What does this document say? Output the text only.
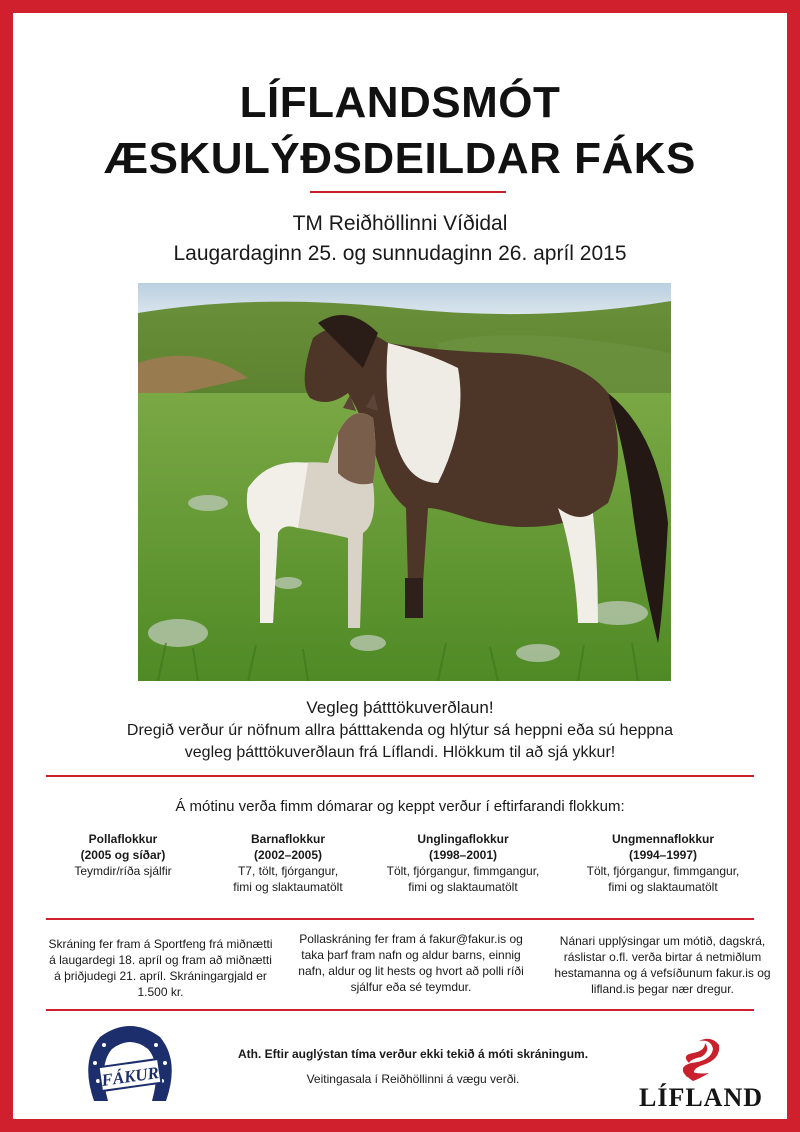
LÍFLANDSMÓT
ÆSKULÝÐSDEILDAR FÁKS
TM Reiðhöllinni Víðidal
Laugardaginn 25. og sunnudaginn 26. apríl 2015
Vegleg þátttökuverðlaun!
Dregið verður úr nöfnum allra þátttakenda og hlýtur sá heppni eða sú heppna vegleg þátttökuverðlaun frá Líflandi. Hlökkum til að sjá ykkur!
Á mótinu verða fimm dómarar og keppt verður í eftirfarandi flokkum:
Pollaflokkur
(2005 og síðar)
Teymdir/ríða sjálfir
Barnaflokkur
(2002–2005)
T7, tölt, fjórgangur,
fimi og slaktaumatölt
Unglingaflokkur
(1998–2001)
Tölt, fjórgangur, fimmgangur,
fimi og slaktaumatölt
Ungmennaflokkur
(1994–1997)
Tölt, fjórgangur, fimmgangur,
fimi og slaktaumatölt
Skráning fer fram á Sportfeng frá miðnætti á laugardegi 18. apríl og fram að miðnætti á þriðjudegi 21. apríl. Skráningargjald er 1.500 kr.
Pollaskráning fer fram á fakur@fakur.is og taka þarf fram nafn og aldur barns, einnig nafn, aldur og lit hests og hvort að polli ríði sjálfur eða sé teymdur.
Nánari upplýsingar um mótið, dagskrá, ráslistar o.fl. verða birtar á netmiðlum hestamanna og á vefsíðunum fakur.is og lifland.is þegar nær dregur.
FÁKUR
Ath. Eftir auglýstan tíma verður ekki tekið á móti skráningum.
Veitingasala í Reiðhöllinni á vægu verði.
LÍFLAND
